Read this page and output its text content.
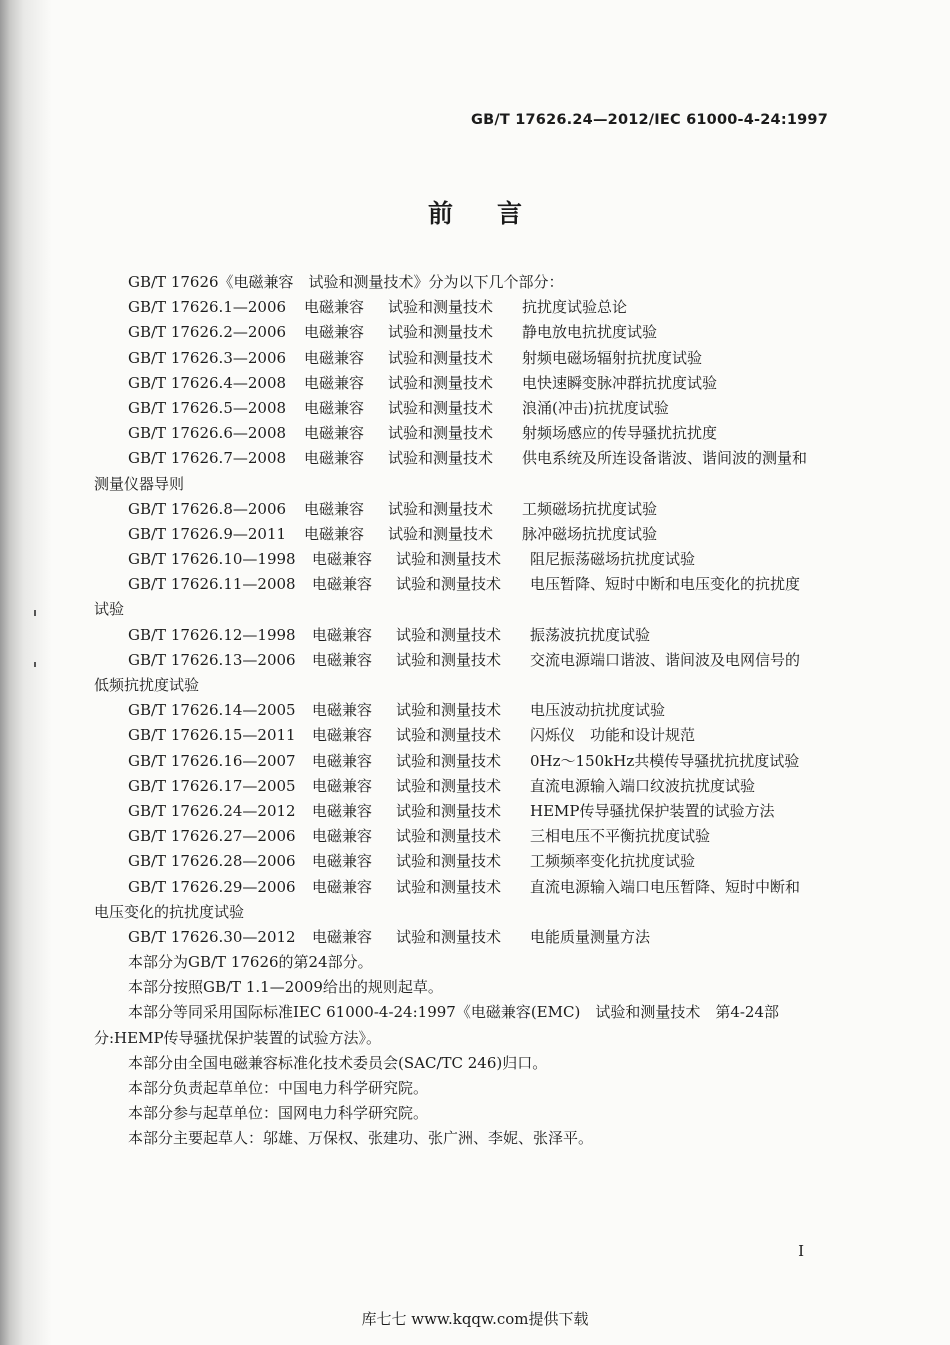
GB/T 17626.24—2012/IEC 61000-4-24:1997
前言
GB/T 17626《电磁兼容　试验和测量技术》分为以下几个部分：
GB/T 17626.1—2006 电磁兼容 试验和测量技术 抗扰度试验总论
GB/T 17626.2—2006 电磁兼容 试验和测量技术 静电放电抗扰度试验
GB/T 17626.3—2006 电磁兼容 试验和测量技术 射频电磁场辐射抗扰度试验
GB/T 17626.4—2008 电磁兼容 试验和测量技术 电快速瞬变脉冲群抗扰度试验
GB/T 17626.5—2008 电磁兼容 试验和测量技术 浪涌(冲击)抗扰度试验
GB/T 17626.6—2008 电磁兼容 试验和测量技术 射频场感应的传导骚扰抗扰度
GB/T 17626.7—2008 电磁兼容 试验和测量技术 供电系统及所连设备谐波、谐间波的测量和
测量仪器导则
GB/T 17626.8—2006 电磁兼容 试验和测量技术 工频磁场抗扰度试验
GB/T 17626.9—2011 电磁兼容 试验和测量技术 脉冲磁场抗扰度试验
GB/T 17626.10—1998 电磁兼容 试验和测量技术 阻尼振荡磁场抗扰度试验
GB/T 17626.11—2008 电磁兼容 试验和测量技术 电压暂降、短时中断和电压变化的抗扰度
试验
GB/T 17626.12—1998 电磁兼容 试验和测量技术 振荡波抗扰度试验
GB/T 17626.13—2006 电磁兼容 试验和测量技术 交流电源端口谐波、谐间波及电网信号的
低频抗扰度试验
GB/T 17626.14—2005 电磁兼容 试验和测量技术 电压波动抗扰度试验
GB/T 17626.15—2011 电磁兼容 试验和测量技术 闪烁仪　功能和设计规范
GB/T 17626.16—2007 电磁兼容 试验和测量技术 0Hz～150kHz共模传导骚扰抗扰度试验
GB/T 17626.17—2005 电磁兼容 试验和测量技术 直流电源输入端口纹波抗扰度试验
GB/T 17626.24—2012 电磁兼容 试验和测量技术 HEMP传导骚扰保护装置的试验方法
GB/T 17626.27—2006 电磁兼容 试验和测量技术 三相电压不平衡抗扰度试验
GB/T 17626.28—2006 电磁兼容 试验和测量技术 工频频率变化抗扰度试验
GB/T 17626.29—2006 电磁兼容 试验和测量技术 直流电源输入端口电压暂降、短时中断和
电压变化的抗扰度试验
GB/T 17626.30—2012 电磁兼容 试验和测量技术 电能质量测量方法
本部分为GB/T 17626的第24部分。
本部分按照GB/T 1.1—2009给出的规则起草。
本部分等同采用国际标准IEC 61000-4-24:1997《电磁兼容(EMC)　试验和测量技术　第4-24部
分:HEMP传导骚扰保护装置的试验方法》。
本部分由全国电磁兼容标准化技术委员会(SAC/TC 246)归口。
本部分负责起草单位：中国电力科学研究院。
本部分参与起草单位：国网电力科学研究院。
本部分主要起草人：邬雄、万保权、张建功、张广洲、李妮、张泽平。
I
库七七 www.kqqw.com提供下载
